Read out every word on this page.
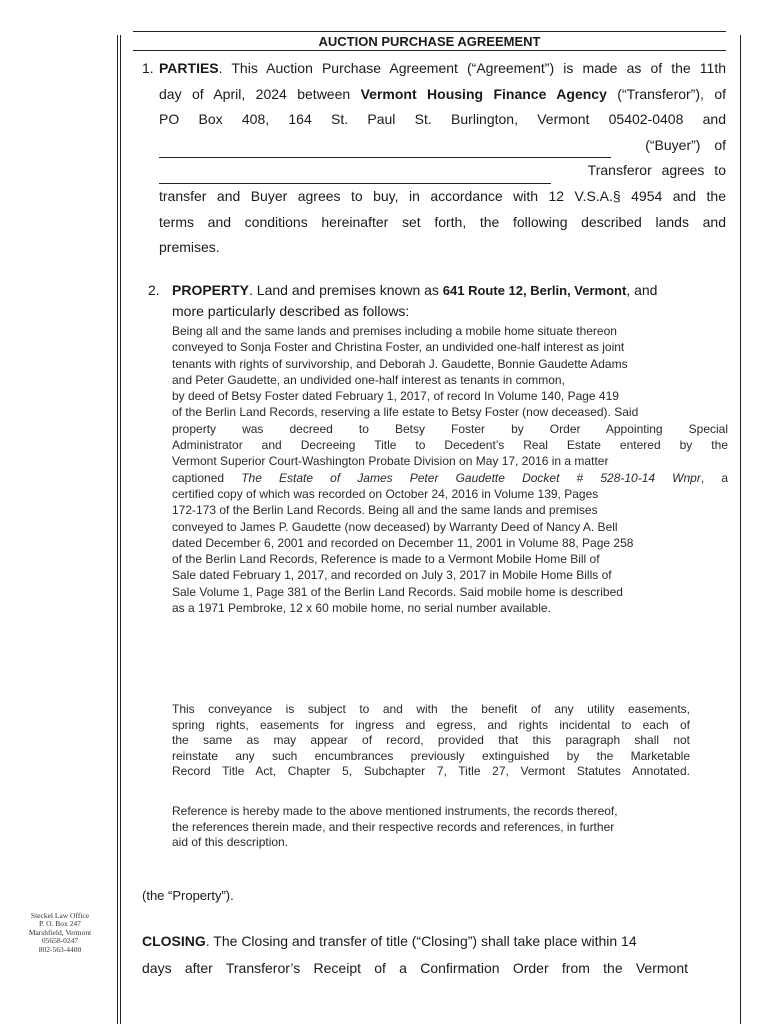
AUCTION PURCHASE AGREEMENT
1. PARTIES. This Auction Purchase Agreement (“Agreement”) is made as of the 11th
day of April, 2024 between Vermont Housing Finance Agency (“Transferor”), of
PO Box 408, 164 St. Paul St. Burlington, Vermont 05402-0408 and
(“Buyer”) of
Transferor agrees to
transfer and Buyer agrees to buy, in accordance with 12 V.S.A.§ 4954 and the
terms and conditions hereinafter set forth, the following described lands and
premises.
2. PROPERTY. Land and premises known as 641 Route 12, Berlin, Vermont, and
more particularly described as follows:
Being all and the same lands and premises including a mobile home situate thereon
conveyed to Sonja Foster and Christina Foster, an undivided one-half interest as joint
tenants with rights of survivorship, and Deborah J. Gaudette, Bonnie Gaudette Adams
and Peter Gaudette, an undivided one-half interest as tenants in common,
by deed of Betsy Foster dated February 1, 2017, of record In Volume 140, Page 419
of the Berlin Land Records, reserving a life estate to Betsy Foster (now deceased). Said
property was decreed to Betsy Foster by Order Appointing Special
Administrator and Decreeing Title to Decedent’s Real Estate entered by the
Vermont Superior Court-Washington Probate Division on May 17, 2016 in a matter
captioned The Estate of James Peter Gaudette Docket # 528-10-14 Wnpr, a
certified copy of which was recorded on October 24, 2016 in Volume 139, Pages
172-173 of the Berlin Land Records. Being all and the same lands and premises
conveyed to James P. Gaudette (now deceased) by Warranty Deed of Nancy A. Bell
dated December 6, 2001 and recorded on December 11, 2001 in Volume 88, Page 258
of the Berlin Land Records, Reference is made to a Vermont Mobile Home Bill of
Sale dated February 1, 2017, and recorded on July 3, 2017 in Mobile Home Bills of
Sale Volume 1, Page 381 of the Berlin Land Records. Said mobile home is described
as a 1971 Pembroke, 12 x 60 mobile home, no serial number available.
This conveyance is subject to and with the benefit of any utility easements,
spring rights, easements for ingress and egress, and rights incidental to each of
the same as may appear of record, provided that this paragraph shall not
reinstate any such encumbrances previously extinguished by the Marketable
Record Title Act, Chapter 5, Subchapter 7, Title 27, Vermont Statutes Annotated.
Reference is hereby made to the above mentioned instruments, the records thereof,
the references therein made, and their respective records and references, in further
aid of this description.
(the “Property”).
CLOSING. The Closing and transfer of title (“Closing”) shall take place within 14
days after Transferor’s Receipt of a Confirmation Order from the Vermont
Steckel Law Office
P. O. Box 247
Marshfield, Vermont
05658-0247
802-563-4400
